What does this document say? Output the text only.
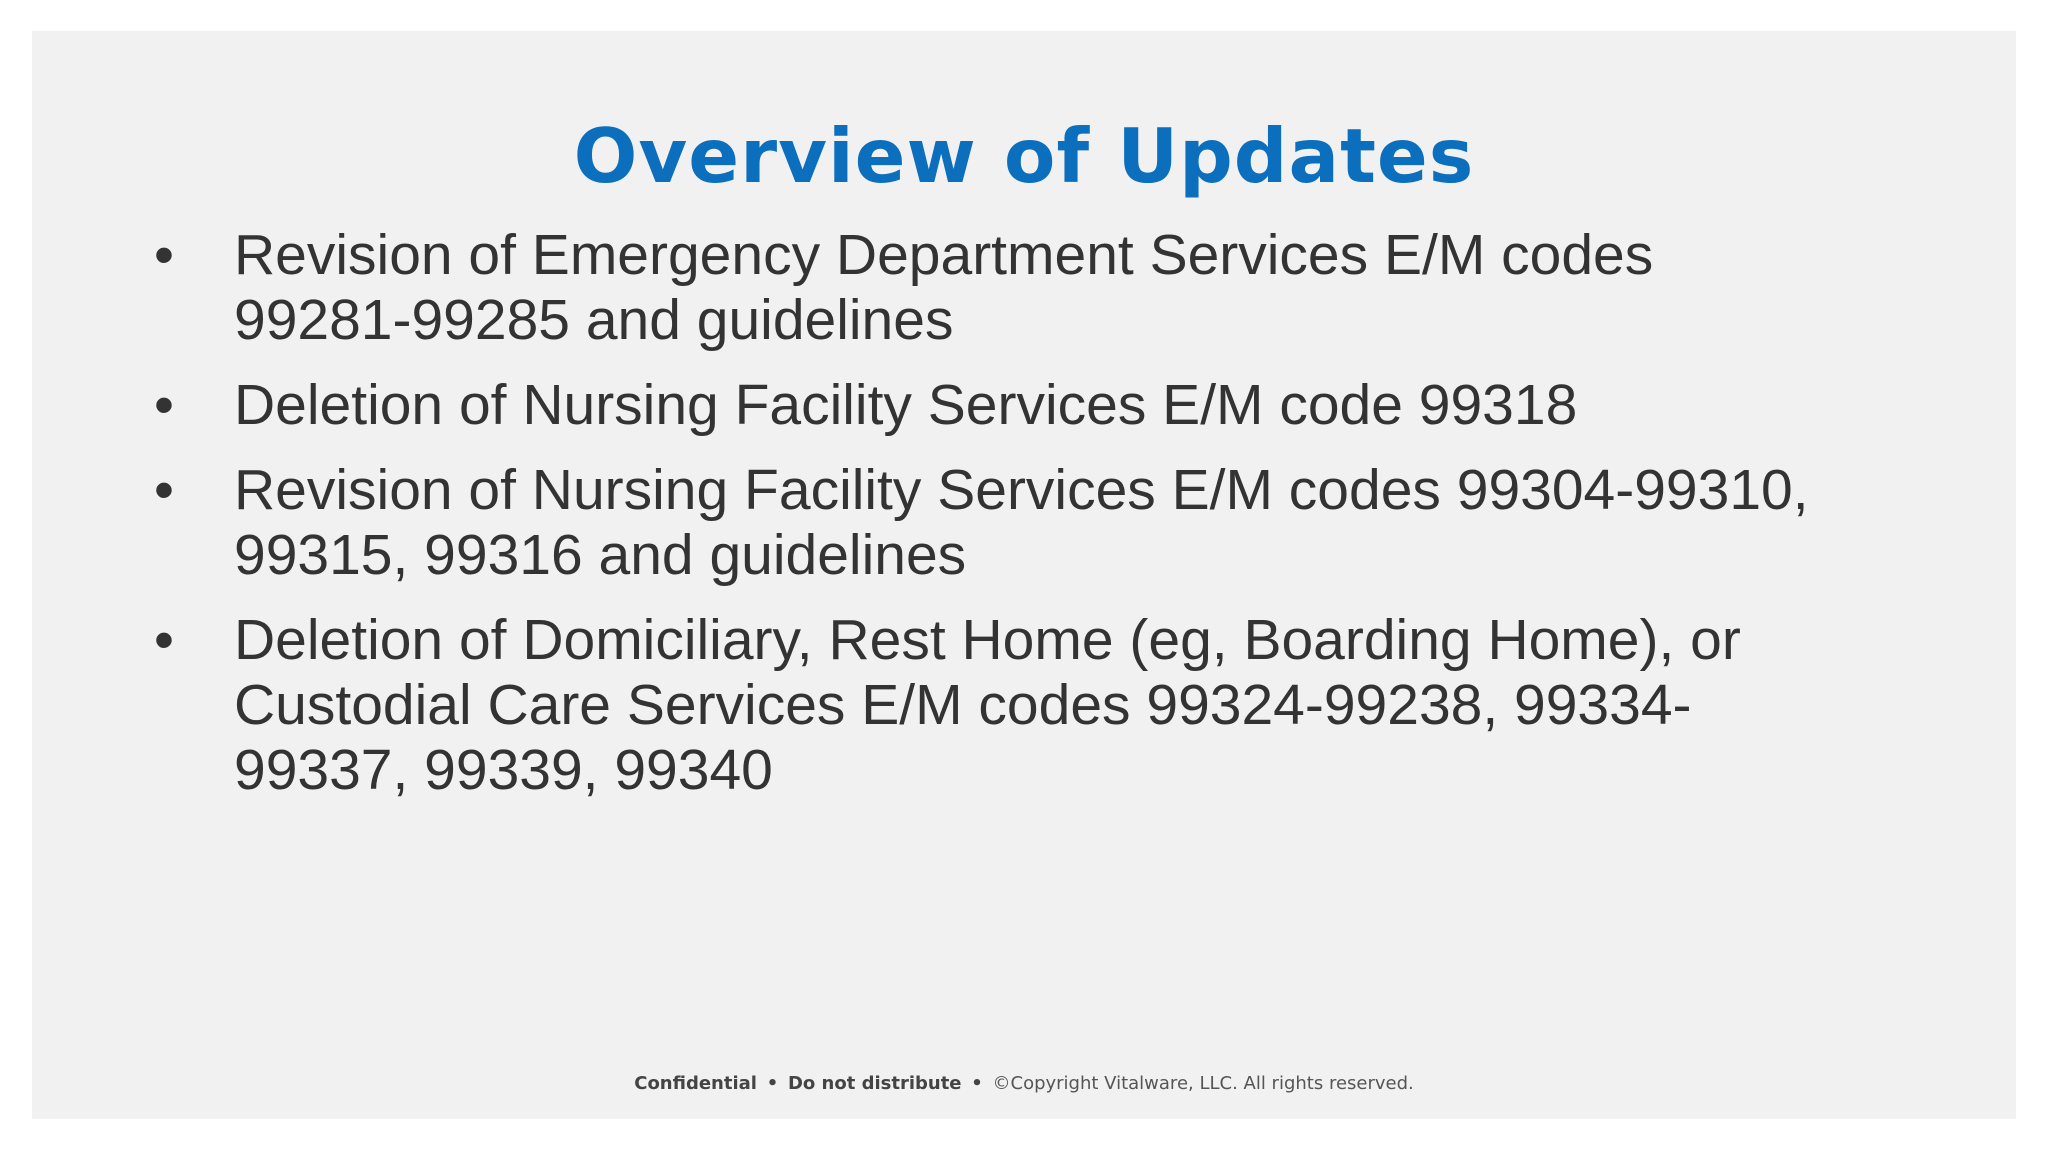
Overview of Updates
• Revision of Emergency Department Services E/M codes
99281-99285 and guidelines
• Deletion of Nursing Facility Services E/M code 99318
• Revision of Nursing Facility Services E/M codes 99304-99310,
99315, 99316 and guidelines
• Deletion of Domiciliary, Rest Home (eg, Boarding Home), or
Custodial Care Services E/M codes 99324-99238, 99334-
99337, 99339, 99340
Confidential • Do not distribute • ©Copyright Vitalware, LLC. All rights reserved.
